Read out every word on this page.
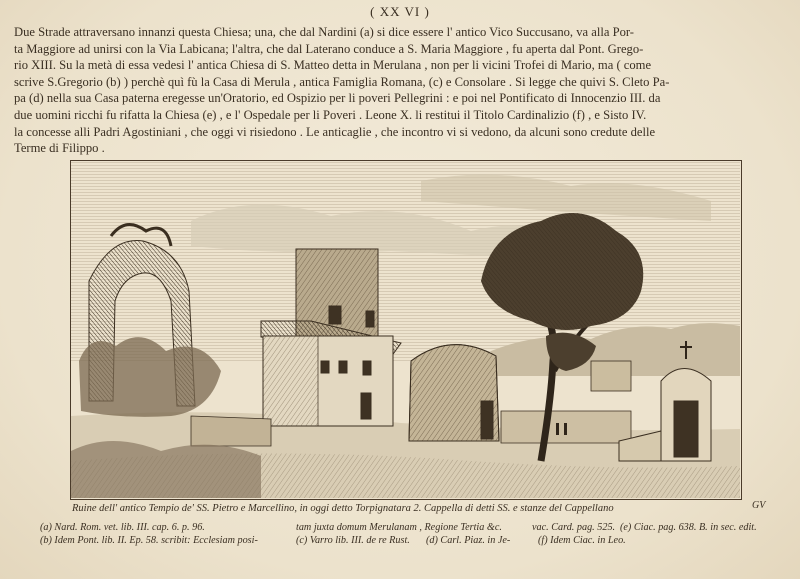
( XX VI )
Due Strade attraversano innanzi questa Chiesa; una, che dal Nardini (a) si dice essere l' antico Vico Succusano, va alla Por-
ta Maggiore ad unirsi con la Via Labicana; l'altra, che dal Laterano conduce a S. Maria Maggiore , fu aperta dal Pont. Grego-
rio XIII. Su la metà di essa vedesi l' antica Chiesa di S. Matteo detta in Merulana , non per li vicini Trofei di Mario, ma ( come
scrive S.Gregorio (b) ) perchè quì fù la Casa di Merula , antica Famiglia Romana, (c) e Consolare . Si legge che quivi S. Cleto Pa-
pa (d) nella sua Casa paterna eregesse un'Oratorio, ed Ospizio per li poveri Pellegrini : e poi nel Pontificato di Innocenzio III. da
due uomini ricchi fu rifatta la Chiesa (e) , e l' Ospedale per li Poveri . Leone X. li restitui il Titolo Cardinalizio (f) , e Sisto IV.
la concesse alli Padri Agostiniani , che oggi vi risiedono . Le anticaglie , che incontro vi si vedono, da alcuni sono credute delle
Terme di Filippo .
Ruine dell' antico Tempio de' SS. Pietro e Marcellino, in oggi detto Torpignatara 2. Cappella di detti SS. e stanze del Cappellano	GV
(a) Nard. Rom. vet. lib. III. cap. 6. p. 96.	tam juxta domum Merulanam , Regione Tertia &c.	vac. Card. pag. 525. (e) Ciac. pag. 638. B. in sec. edit.
(b) Idem Pont. lib. II. Ep. 58. scribit: Ecclesiam posi-	(c) Varro lib. III. de re Rust. (d) Carl. Piaz. in Je-	(f) Idem Ciac. in Leo.
